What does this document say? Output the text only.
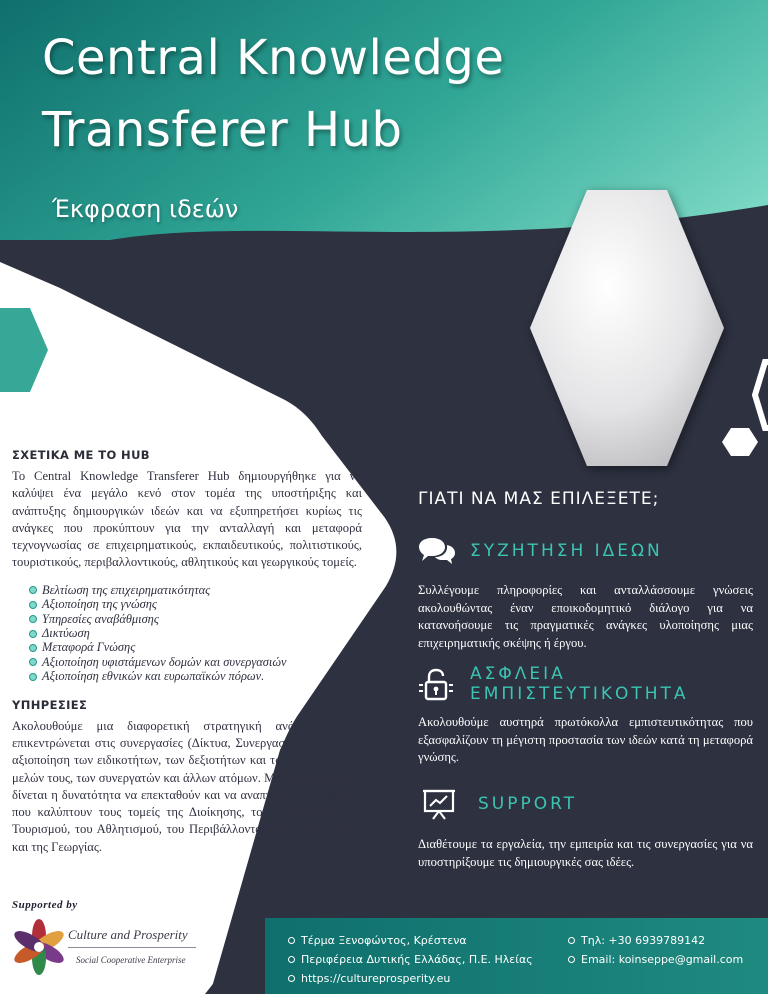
Central Knowledge
Transferer Hub
Έκφραση ιδεών
ΣΧΕΤΙΚΑ ΜΕ ΤΟ HUB

Το Central Knowledge Transferer Hub δημιουργήθηκε για να καλύψει ένα μεγάλο κενό στον τομέα της υποστήριξης και ανάπτυξης δημιουργικών ιδεών και να εξυπηρετήσει κυρίως τις ανάγκες που προκύπτουν για την ανταλλαγή και μεταφορά τεχνογνωσίας σε επιχειρηματικούς, εκπαιδευτικούς, πολιτιστικούς, τουριστικούς, περιβαλλοντικούς, αθλητικούς και γεωργικούς τομείς.

Βελτίωση της επιχειρηματικότητας
Αξιοποίηση της γνώσης
Υπηρεσίες αναβάθμισης
Δικτύωση
Μεταφορά Γνώσης
Αξιοποίηση υφιστάμενων δομών και συνεργασιών
Αξιοποίηση εθνικών και ευρωπαϊκών πόρων.
ΥΠΗΡΕΣΙΕΣ

Ακολουθούμε μια διαφορετική στρατηγική ανάπτυξης που επικεντρώνεται στις συνεργασίες (Δίκτυα, Συνεργασίες κ.λπ.) στην αξιοποίηση των ειδικοτήτων, των δεξιοτήτων και των γνώσεων των μελών τους, των συνεργατών και άλλων ατόμων. Με τον τρόπο αυτό δίνεται η δυνατότητα να επεκταθούν και να αναπτυχθούν υπηρεσίες που καλύπτουν τους τομείς της Διοίκησης, του Πολιτισμού, του Τουρισμού, του Αθλητισμού, του Περιβάλλοντος, της Εκπαίδευσης και της Γεωργίας.

Supported by
Culture and Prosperity
Social Cooperative Enterprise
ΓΙΑΤΙ ΝΑ ΜΑΣ ΕΠΙΛΕΞΕΤΕ;
ΣΥΖΗΤΗΣΗ ΙΔΕΩΝ
Συλλέγουμε πληροφορίες και ανταλλάσσουμε γνώσεις ακολουθώντας έναν εποικοδομητικό διάλογο για να κατανοήσουμε τις πραγματικές ανάγκες υλοποίησης μιας επιχειρηματικής σκέψης ή έργου.
ΑΣΦΛΕΙΑ
ΕΜΠΙΣΤΕΥΤΙΚΟΤΗΤΑ
Ακολουθούμε αυστηρά πρωτόκολλα εμπιστευτικότητας που εξασφαλίζουν τη μέγιστη προστασία των ιδεών κατά τη μεταφορά γνώσης.
SUPPORT
Διαθέτουμε τα εργαλεία, την εμπειρία και τις συνεργασίες για να υποστηρίξουμε τις δημιουργικές σας ιδέες.
Τέρμα Ξενοφώντος, Κρέστενα
Περιφέρεια Δυτικής Ελλάδας, Π.Ε. Ηλείας
https://cultureprosperity.eu
Τηλ: +30 6939789142
Email: koinseppe@gmail.com
